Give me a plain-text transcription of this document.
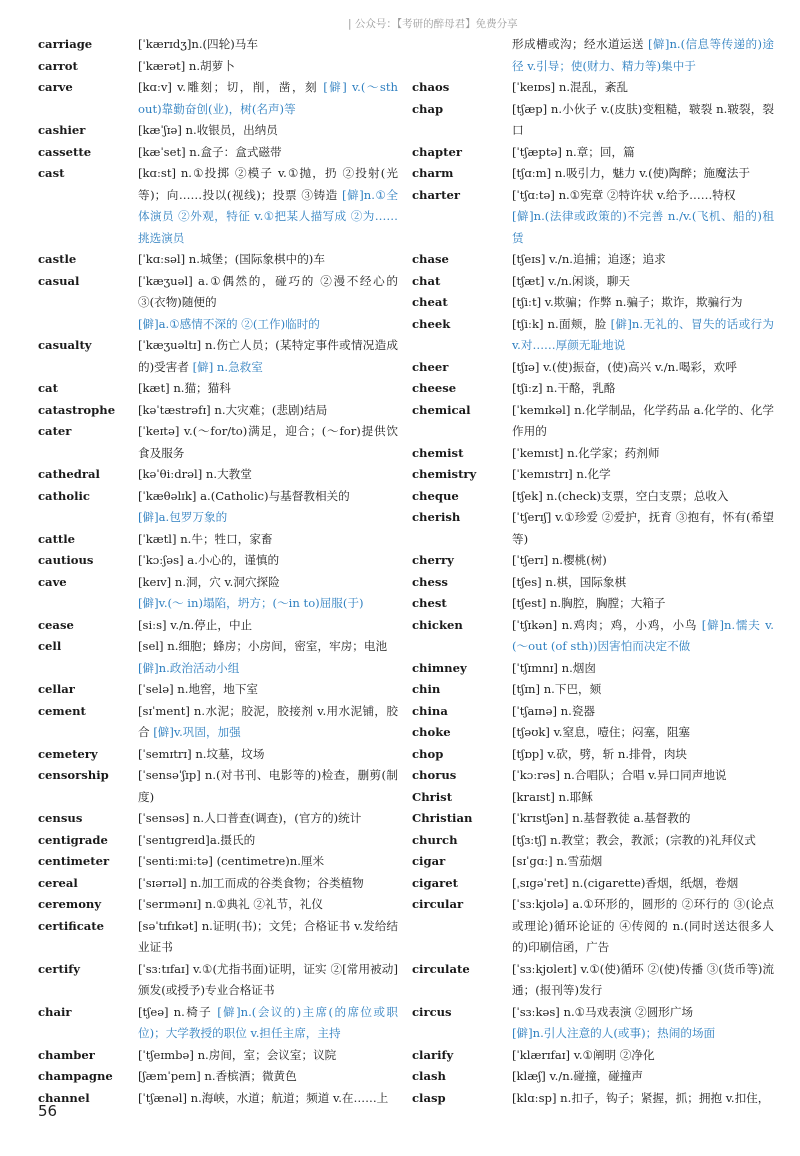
| 公众号：【考研的醉母君】免费分享
carriage	[ˈkærɪdʒ]n.(四轮)马车
carrot	[ˈkærət] n.胡萝卜
carve	[kɑːv] v.雕刻；切，削，凿，刻 [僻] v.(～sth out)靠勤奋创(业)，树(名声)等
cashier	[kæˈʃɪə] n.收银员，出纳员
cassette	[kæˈset] n.盒子：盒式磁带
cast	[kɑːst] n.①投掷 ②模子 v.①抛，扔 ②投射(光等)；向……投以(视线)；投票 ③铸造 [僻]n.①全体演员 ②外观，特征 v.①把某人描写成 ②为……挑选演员
castle	[ˈkɑːsəl] n.城堡；(国际象棋中的)车
casual	[ˈkæʒuəl] a.①偶然的，碰巧的 ②漫不经心的 ③(衣物)随便的
[僻]a.①感情不深的 ②(工作)临时的
casualty	[ˈkæʒuəltɪ] n.伤亡人员；(某特定事件或情况造成的)受害者 [僻] n.急救室
cat	[kæt] n.猫；猫科
catastrophe	[kəˈtæstrəfɪ] n.大灾难；(悲剧)结局
cater	[ˈkeɪtə] v.(～for/to)满足，迎合；(～for)提供饮食及服务
cathedral	[kəˈθiːdrəl] n.大教堂
catholic	[ˈkæθəlɪk] a.(Catholic)与基督教相关的
[僻]a.包罗万象的
cattle	[ˈkætl] n.牛；牲口，家畜
cautious	[ˈkɔːʃəs] a.小心的，谨慎的
cave	[keɪv] n.洞，穴 v.洞穴探险
[僻]v.(～ in)塌陷，坍方；(～in to)屈服(于)
cease	[siːs] v./n.停止，中止
cell	[sel] n.细胞；蜂房；小房间，密室，牢房；电池
[僻]n.政治活动小组
cellar	[ˈselə] n.地窖，地下室
cement	[sɪˈment] n.水泥；胶泥，胶接剂 v.用水泥铺，胶合 [僻]v.巩固，加强
cemetery	[ˈsemɪtrɪ] n.坟墓，坟场
censorship	[ˈsensəˈʃɪp] n.(对书刊、电影等的)检查，删剪(制度)
census	[ˈsensəs] n.人口普查(调查)，(官方的)统计
centigrade	[ˈsentɪgreɪd]a.摄氏的
centimeter	[ˈsentiːmiːtə] (centimetre)n.厘米
cereal	[ˈsɪərɪəl] n.加工而成的谷类食物；谷类植物
ceremony	[ˈserɪmənɪ] n.①典礼 ②礼节，礼仪
certificate	[səˈtɪfɪkət] n.证明(书)；文凭；合格证书 v.发给结业证书
certify	[ˈsɜːtɪfaɪ] v.①(尤指书面)证明，证实 ②[常用被动]颁发(或授予)专业合格证书
chair	[tʃeə] n.椅子 [僻]n.(会议的)主席(的席位或职位)；大学教授的职位 v.担任主席，主持
chamber	[ˈtʃeɪmbə] n.房间，室；会议室；议院
champagne	[ʃæmˈpeɪn] n.香槟酒；微黄色
channel	[ˈtʃænəl] n.海峡，水道；航道；频道 v.在……上
形成槽或沟；经水道运送 [僻]n.(信息等传递的)途径 v.引导；使(财力、精力等)集中于
chaos	[ˈkeɪɒs] n.混乱，紊乱
chap	[tʃæp] n.小伙子 v.(皮肤)变粗糙，皲裂 n.皲裂，裂口
chapter	[ˈtʃæptə] n.章；回，篇
charm	[tʃɑːm] n.吸引力，魅力 v.(使)陶醉；施魔法于
charter	[ˈtʃɑːtə] n.①宪章 ②特许状 v.给予……特权
[僻]n.(法律或政策的)不完善 n./v.(飞机、船的)租赁
chase	[tʃeɪs] v./n.追捕；追逐；追求
chat	[tʃæt] v./n.闲谈，聊天
cheat	[tʃiːt] v.欺骗；作弊 n.骗子；欺诈，欺骗行为
cheek	[tʃiːk] n.面颊，脸 [僻]n.无礼的、冒失的话或行为 v.对……厚颜无耻地说
cheer	[tʃɪə] v.(使)振奋，(使)高兴 v./n.喝彩，欢呼
cheese	[tʃiːz] n.干酪，乳酪
chemical	[ˈkemɪkəl] n.化学制品，化学药品 a.化学的、化学作用的
chemist	[ˈkemɪst] n.化学家；药剂师
chemistry	[ˈkemɪstrɪ] n.化学
cheque	[tʃek] n.(check)支票，空白支票；总收入
cherish	[ˈtʃerɪʃ] v.①珍爱 ②爱护，抚育 ③抱有，怀有(希望等)
cherry	[ˈtʃerɪ] n.樱桃(树)
chess	[tʃes] n.棋，国际象棋
chest	[tʃest] n.胸腔，胸膛；大箱子
chicken	[ˈtʃɪkən] n.鸡肉；鸡，小鸡，小鸟 [僻]n.懦夫 v.(～out (of sth))因害怕而决定不做
chimney	[ˈtʃɪmnɪ] n.烟囱
chin	[tʃɪn] n.下巴，颏
china	[ˈtʃaɪnə] n.瓷器
choke	[tʃəʊk] v.窒息，噎住；闷塞，阻塞
chop	[tʃɒp] v.砍，劈，斩 n.排骨，肉块
chorus	[ˈkɔːrəs] n.合唱队；合唱 v.异口同声地说
Christ	[kraɪst] n.耶稣
Christian	[ˈkrɪstʃən] n.基督教徒 a.基督教的
church	[tʃɜːtʃ] n.教堂；教会，教派；(宗教的)礼拜仪式
cigar	[sɪˈgɑː] n.雪茄烟
cigaret	[ˌsɪgəˈret] n.(cigarette)香烟，纸烟，卷烟
circular	[ˈsɜːkjʊlə] a.①环形的，圆形的 ②环行的 ③(论点或理论)循环论证的 ④传阅的 n.(同时送达很多人的)印刷信函，广告
circulate	[ˈsɜːkjʊleɪt] v.①(使)循环 ②(使)传播 ③(货币等)流通；(报刊等)发行
circus	[ˈsɜːkəs] n.①马戏表演 ②圆形广场
[僻]n.引人注意的人(或事)；热闹的场面
clarify	[ˈklærɪfaɪ] v.①阐明 ②净化
clash	[klæʃ] v./n.碰撞，碰撞声
clasp	[klɑːsp] n.扣子，钩子；紧握，抓；拥抱 v.扣住，
56
